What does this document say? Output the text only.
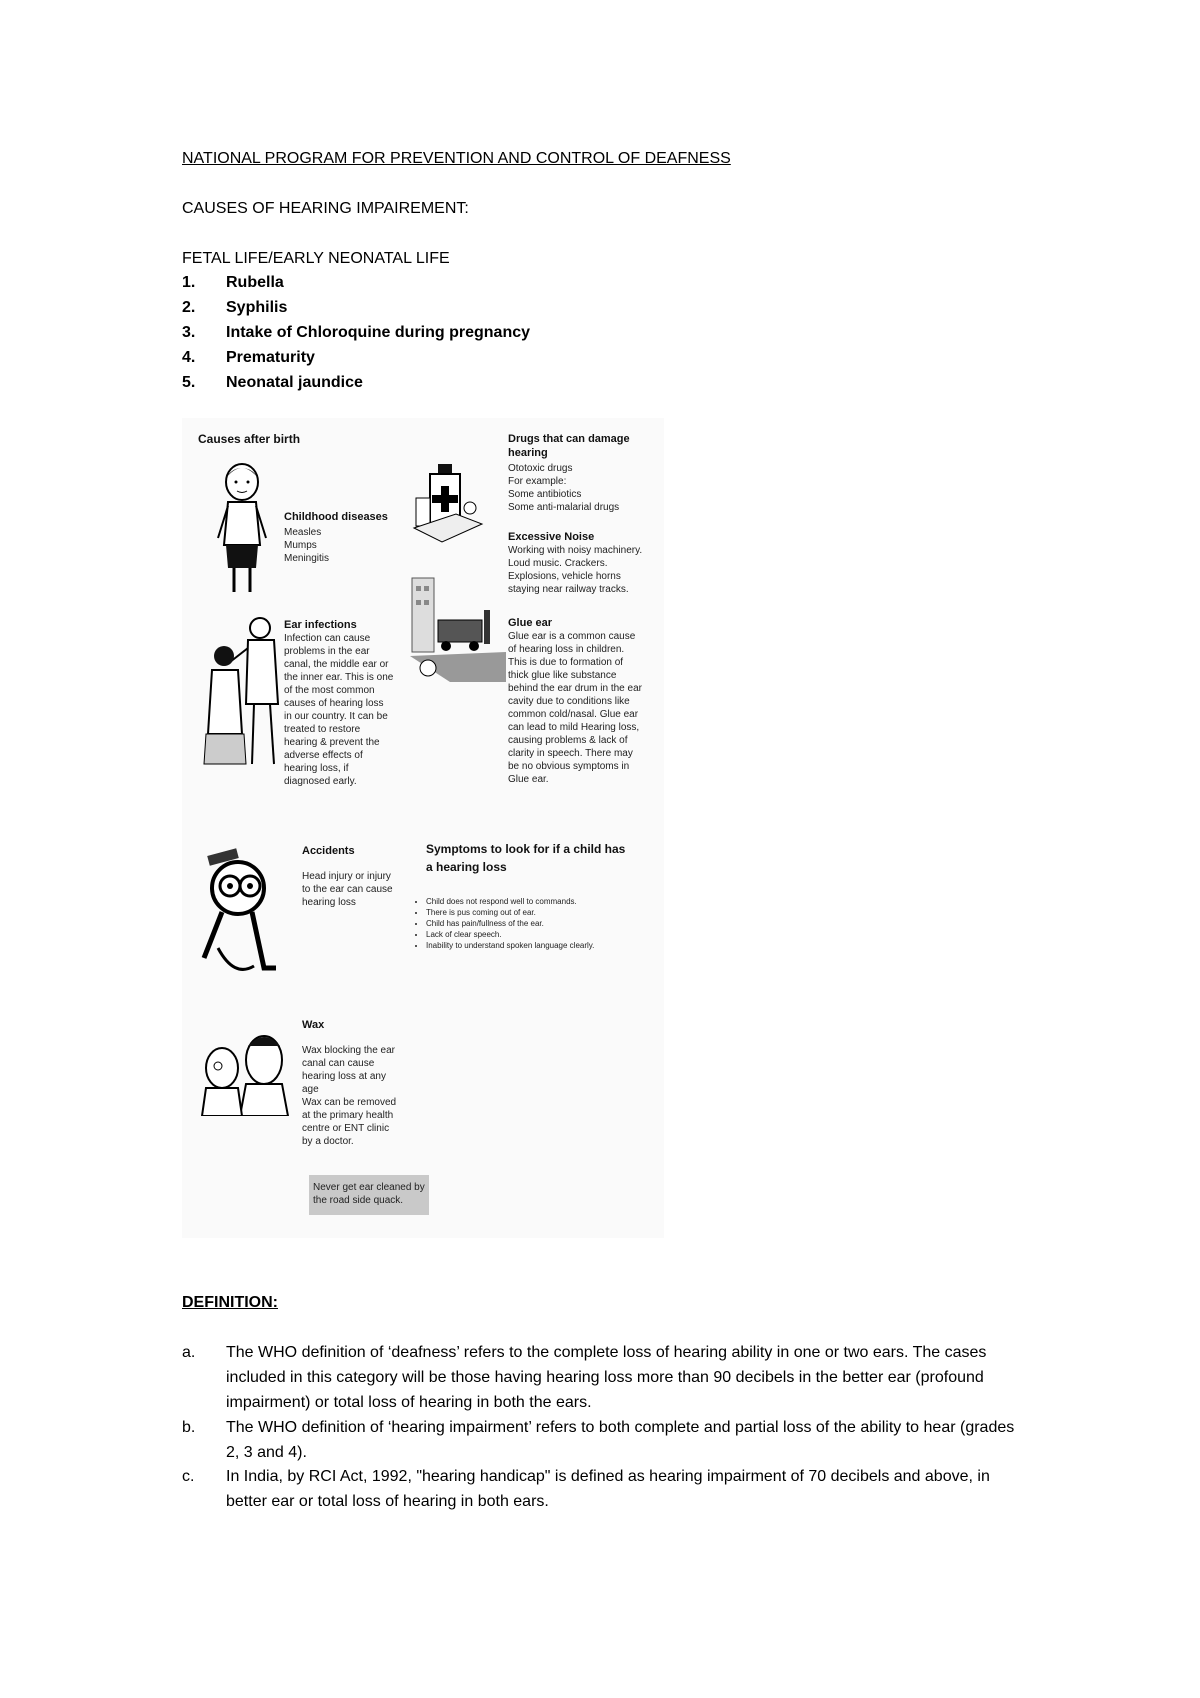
NATIONAL PROGRAM FOR PREVENTION AND CONTROL OF DEAFNESS
CAUSES OF HEARING IMPAIREMENT:
FETAL LIFE/EARLY NEONATAL LIFE
1.	Rubella
2.	Syphilis
3.	Intake of Chloroquine during pregnancy
4.	Prematurity
5.	Neonatal jaundice
Causes after birth
Childhood diseases
Measles
Mumps
Meningitis
Drugs that can damage hearing
Ototoxic drugs
For example:
Some antibiotics
Some anti-malarial drugs
Excessive Noise
Working with noisy machinery. Loud music. Crackers. Explosions, vehicle horns staying near railway tracks.
Glue ear
Glue ear is a common cause of hearing loss in children. This is due to formation of thick glue like substance behind the ear drum in the ear cavity due to conditions like common cold/nasal. Glue ear can lead to mild Hearing loss, causing problems & lack of clarity in speech. There may be no obvious symptoms in Glue ear.
Ear infections
Infection can cause problems in the ear canal, the middle ear or the inner ear. This is one of the most common causes of hearing loss in our country. It can be treated to restore hearing & prevent the adverse effects of hearing loss, if diagnosed early.
Accidents
Head injury or injury to the ear can cause hearing loss
Symptoms to look for if a child has a hearing loss
• Child does not respond well to commands.
• There is pus coming out of ear.
• Child has pain/fullness of the ear.
• Lack of clear speech.
• Inability to understand spoken language clearly.
Wax
Wax blocking the ear canal can cause hearing loss at any age
Wax can be removed at the primary health centre or ENT clinic by a doctor.
Never get ear cleaned by the road side quack.
DEFINITION:
a. The WHO definition of ‘deafness’ refers to the complete loss of hearing ability in one or two ears. The cases included in this category will be those having hearing loss more than 90 decibels in the better ear (profound impairment) or total loss of hearing in both the ears.
b. The WHO definition of ‘hearing impairment’ refers to both complete and partial loss of the ability to hear (grades 2, 3 and 4).
c. In India, by RCI Act, 1992, "hearing handicap" is defined as hearing impairment of 70 decibels and above, in better ear or total loss of hearing in both ears.
